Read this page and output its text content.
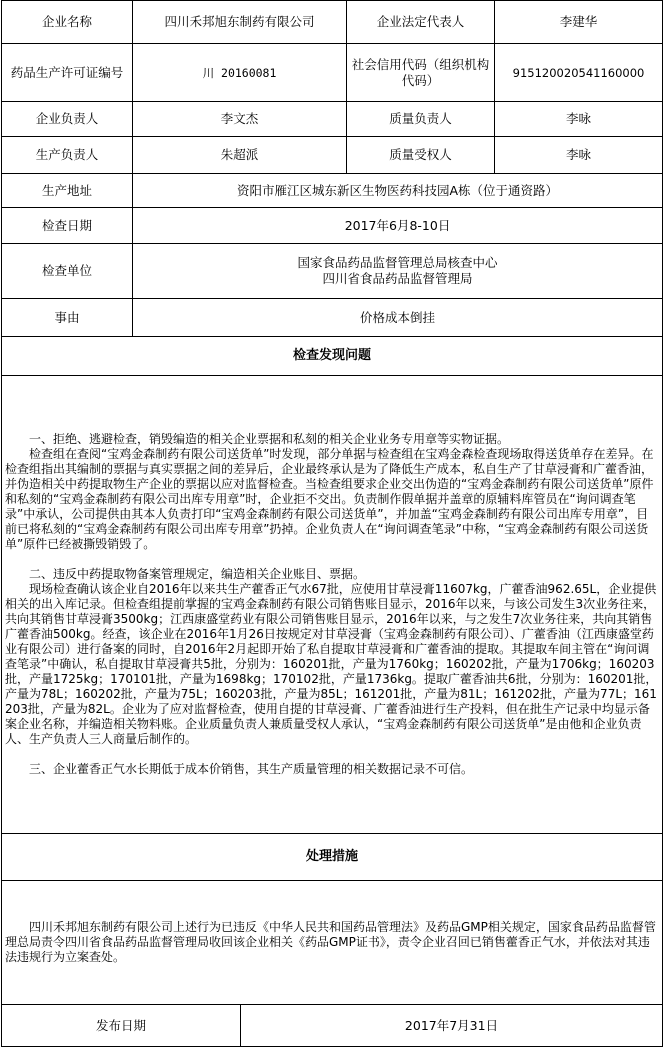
企业名称	四川禾邦旭东制药有限公司		企业法定代表人	李建华
药品生产许可证编号	川 20160081		社会信用代码（组织机构代码）	915120020541160000
企业负责人	李文杰		质量负责人	李咏
生产负责人	朱超派		质量受权人	李咏
生产地址	资阳市雁江区城东新区生物医药科技园A栋（位于通资路）			
检查日期	2017年6月8-10日			
检查单位	国家食品药品监督管理总局核查中心
四川省食品药品监督管理局			

事由	价格成本倒挂			
检查发现问题				

一、拒绝、逃避检查，销毁编造的相关企业票据和私刻的相关企业业务专用章等实物证据。

检查组在查阅“宝鸡金森制药有限公司送货单”时发现，部分单据与检查组在宝鸡金森检查现场取得送货单存在差异。在检查组指出其编制的票据与真实票据之间的差异后，企业最终承认是为了降低生产成本，私自生产了甘草浸膏和广藿香油，并伪造相关中药提取物生产企业的票据以应对监督检查。当检查组要求企业交出伪造的“宝鸡金森制药有限公司送货单”原件和私刻的“宝鸡金森制药有限公司出库专用章”时，企业拒不交出。负责制作假单据并盖章的原辅料库管员在“询问调查笔录”中承认，公司提供由其本人负责打印“宝鸡金森制药有限公司送货单”，并加盖“宝鸡金森制药有限公司出库专用章”，目前已将私刻的“宝鸡金森制药有限公司出库专用章”扔掉。企业负责人在“询问调查笔录”中称，“宝鸡金森制药有限公司送货单”原件已经被撕毁销毁了。

二、违反中药提取物备案管理规定，编造相关企业账目、票据。

现场检查确认该企业自2016年以来共生产藿香正气水67批，应使用甘草浸膏11607kg，广藿香油962.65L，企业提供相关的出入库记录。但检查组提前掌握的宝鸡金森制药有限公司销售账目显示，2016年以来，与该公司发生3次业务往来，共向其销售甘草浸膏3500kg；江西康盛堂药业有限公司销售账目显示，2016年以来，与之发生7次业务往来，共向其销售广藿香油500kg。经查，该企业在2016年1月26日按规定对甘草浸膏（宝鸡金森制药有限公司）、广藿香油（江西康盛堂药业有限公司）进行备案的同时，自2016年2月起即开始了私自提取甘草浸膏和广藿香油的提取。其提取车间主管在“询问调查笔录”中确认，私自提取甘草浸膏共5批，分别为：160201批，产量为1760kg；160202批，产量为1706kg；160203批，产量1725kg；170101批，产量为1698kg；170102批，产量1736kg。提取广藿香油共6批，分别为：160201批，产量为78L；160202批，产量为75L；160203批，产量为85L；161201批，产量为81L；161202批，产量为77L；161203批，产量为82L。企业为了应对监督检查，使用自提的甘草浸膏、广藿香油进行生产投料，但在批生产记录中均显示备案企业名称，并编造相关物料账。企业质量负责人兼质量受权人承认，“宝鸡金森制药有限公司送货单”是由他和企业负责人、生产负责人三人商量后制作的。

三、企业藿香正气水长期低于成本价销售，其生产质量管理的相关数据记录不可信。				

处理措施				

四川禾邦旭东制药有限公司上述行为已违反《中华人民共和国药品管理法》及药品GMP相关规定，国家食品药品监督管理总局责令四川省食品药品监督管理局收回该企业相关《药品GMP证书》，责令企业召回已销售藿香正气水，并依法对其违法违规行为立案查处。				

发布日期		2017年7月31日		
